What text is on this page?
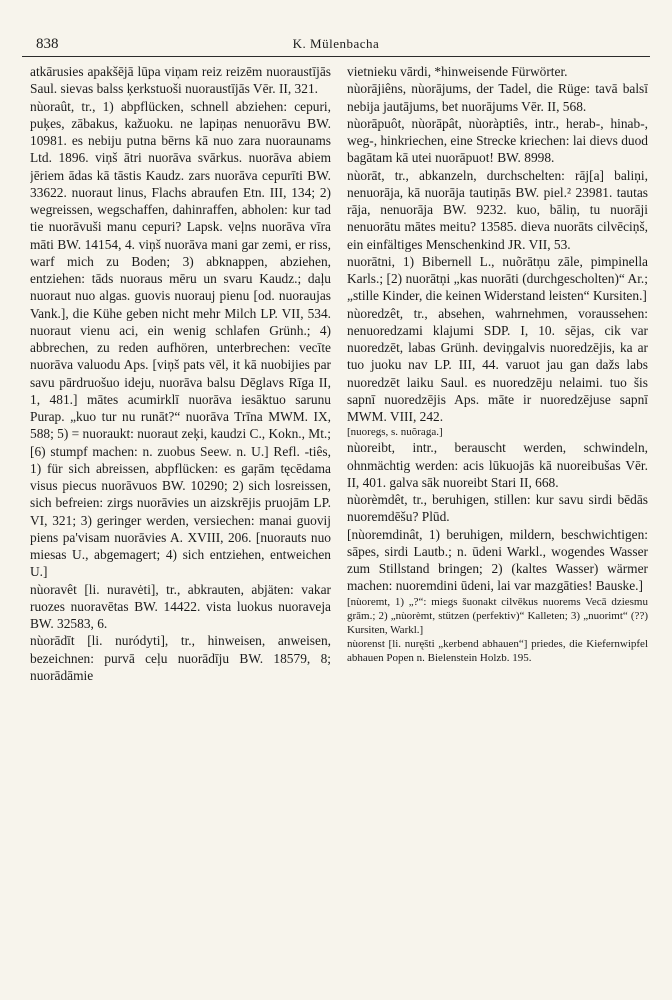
838	K. Mülenbacha

atkārusies apakšējā lūpa viņam reiz reizēm nuoraustījās Saul. sievas balss ķerkstuoši nuoraustījās Vēr. II, 321.

nùoraût, tr., 1) abpflücken, schnell abziehen: cepuri, puķes, zābakus, kažuoku. ne lapiņas nenuorāvu BW. 10981. es nebiju putna bērns kā nuo zara nuoraunams Ltd. 1896. viņš ātri nuorāva svārkus. nuorāva abiem jēriem ādas kā tāstis Kaudz. zars nuorāva cepurīti BW. 33622. nuoraut linus, Flachs abraufen Etn. III, 134; 2) wegreissen, wegschaffen, dahinraffen, abholen: kur tad tie nuorāvuši manu cepuri? Lapsk. veļns nuorāva vīra māti BW. 14154, 4. viņš nuorāva mani gar zemi, er riss, warf mich zu Boden; 3) abknappen, abziehen, entziehen: tāds nuoraus mēru un svaru Kaudz.; daļu nuoraut nuo algas. guovis nuorauj pienu [od. nuoraujas Vank.], die Kühe geben nicht mehr Milch LP. VII, 534. nuoraut vienu aci, ein wenig schlafen Grünh.; 4) abbrechen, zu reden aufhören, unterbrechen: vecīte nuorāva valuodu Aps. [viņš pats vēl, it kā nuobijies par savu pārdruošuo ideju, nuorāva balsu Dēglavs Rīga II, 1, 481.] mātes acumirklī nuorāva iesāktuo sarunu Purap. „kuo tur nu runāt?“ nuorāva Trīna MWM. IX, 588; 5) = nuoraukt: nuoraut zeķi, kaudzi C., Kokn., Mt.; [6) stumpf machen: n. zuobus Seew. n. U.] Refl. -tiês, 1) für sich abreissen, abpflücken: es gaŗām tęcēdama visus piecus nuorāvuos BW. 10290; 2) sich losreissen, sich befreien: zirgs nuorāvies un aizskrējis pruojām LP. VI, 321; 3) geringer werden, versiechen: manai guovij piens pa'visam nuorāvies A. XVIII, 206. [nuorauts nuo miesas U., abgemagert; 4) sich entziehen, entweichen U.]

nùoravêt [li. nuravėti], tr., abkrauten, abjäten: vakar ruozes nuoravētas BW. 14422. vista luokus nuoraveja BW. 32583, 6.

nùorādīt [li. nuródyti], tr., hinweisen, anweisen, bezeichnen: purvā ceļu nuorādīju BW. 18579, 8; nuorādāmie

vietnieku vārdi, *hinweisende Fürwörter.

nùorājiêns, nùorājums, der Tadel, die Rüge: tavā balsī nebija jautājums, bet nuorājums Vēr. II, 568.

nùorāpuôt, nùorāpât, nùoràptiês, intr., herab-, hinab-, weg-, hinkriechen, eine Strecke kriechen: lai dievs duod bagātam kā utei nuorāpuot! BW. 8998.

nùorāt, tr., abkanzeln, durchschelten: rāj[a] baliņi, nenuorāja, kā nuorāja tautiņās BW. piel.² 23981. tautas rāja, nenuorāja BW. 9232. kuo, bāliņ, tu nuorāji nenuorātu mātes meitu? 13585. dieva nuorāts cilvēciņš, ein einfältiges Menschenkind JR. VII, 53.

nuorātni, 1) Bibernell L., nuõrātņu zāle, pimpinella Karls.; [2) nuorātņi „kas nuorāti (durchgescholten)“ Ar.; „stille Kinder, die keinen Widerstand leisten“ Kursiten.]

nùoredzêt, tr., absehen, wahrnehmen, voraussehen: nenuoredzami klajumi SDP. I, 10. sējas, cik var nuoredzēt, labas Grünh. deviņgalvis nuoredzējis, ka ar tuo juoku nav LP. III, 44. varuot jau gan dažs labs nuoredzēt laiku Saul. es nuoredzēju nelaimi. tuo šis sapnī nuoredzējis Aps. māte ir nuoredzējuse sapnī MWM. VIII, 242.

[nuoregs, s. nuõraga.]

nùoreibt, intr., berauscht werden, schwindeln, ohnmächtig werden: acis lūkuojās kā nuoreibušas Vēr. II, 401. galva sāk nuoreibt Stari II, 668.

nùorèmdêt, tr., beruhigen, stillen: kur savu sirdi bēdās nuoremdēšu? Plūd.

[nùoremdinât, 1) beruhigen, mildern, beschwichtigen: sāpes, sirdi Lautb.; n. ūdeni Warkl., wogendes Wasser zum Stillstand bringen; 2) (kaltes Wasser) wärmer machen: nuoremdini ūdeni, lai var mazgāties! Bauske.]

[nùoremt, 1) „?“: miegs šuonakt cilvēkus nuorems Vecā dziesmu grām.; 2) „nùorèmt, stützen (perfektiv)“ Kalleten; 3) „nuorimt“ (??) Kursiten, Warkl.]

nùorenst [li. nurę̃sti „kerbend abhauen“] priedes, die Kiefernwipfel abhauen Popen n. Bielenstein Holzb. 195.
